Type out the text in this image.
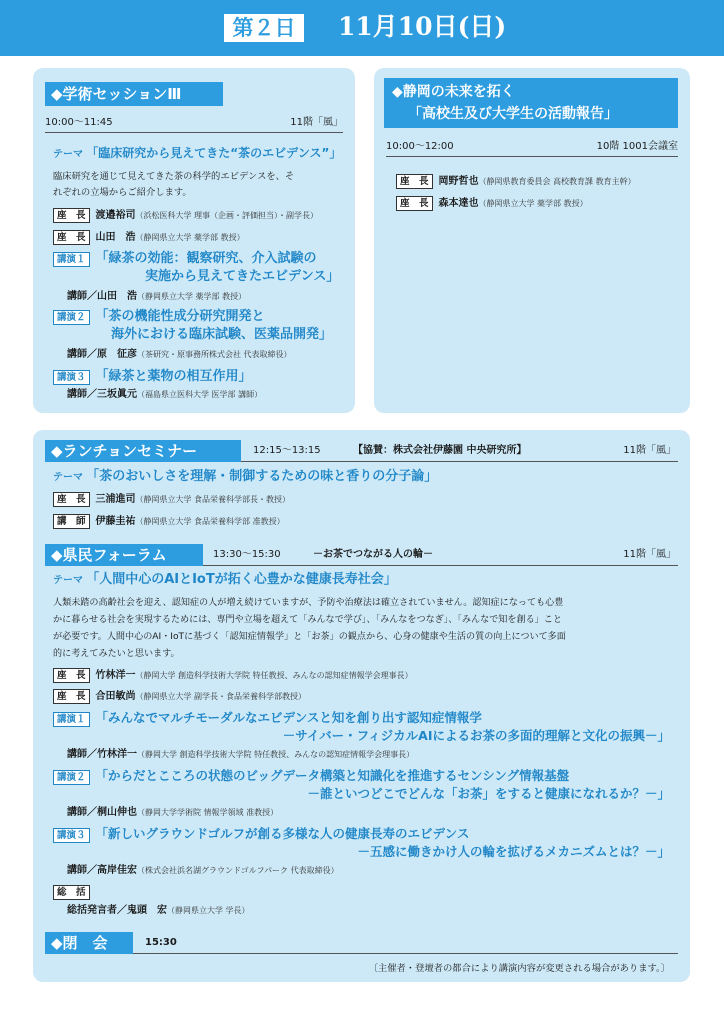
第２日	11月10日(日)
◆学術セッションⅢ
10:00～11:45	11階「風」
テーマ 「臨床研究から見えてきた“茶のエビデンス”」
臨床研究を通じて見えてきた茶の科学的エビデンスを、そ
れぞれの立場からご紹介します。
座　長 渡邉裕司（浜松医科大学 理事（企画・評価担当）・副学長）
座　長 山田　浩（静岡県立大学 薬学部 教授）
講演１ 「緑茶の効能：観察研究、介入試験の
実施から見えてきたエビデンス」
講師／山田　浩（静岡県立大学 薬学部 教授）
講演２ 「茶の機能性成分研究開発と
海外における臨床試験、医薬品開発」
講師／原　征彦（茶研究・原事務所株式会社 代表取締役）
講演３ 「緑茶と薬物の相互作用」
講師／三坂眞元（福島県立医科大学 医学部 講師）
◆静岡の未来を拓く
「高校生及び大学生の活動報告」
10:00～12:00	10階 1001会議室
座　長 岡野哲也（静岡県教育委員会 高校教育課 教育主幹）
座　長 森本達也（静岡県立大学 薬学部 教授）
◆ランチョンセミナー	12:15～13:15	【協賛：株式会社伊藤園 中央研究所】	11階「風」
テーマ 「茶のおいしさを理解・制御するための味と香りの分子論」
座　長 三浦進司（静岡県立大学 食品栄養科学部長・教授）
講　師 伊藤圭祐（静岡県立大学 食品栄養科学部 准教授）
◆県民フォーラム	13:30～15:30	－お茶でつながる人の輪－	11階「風」
テーマ 「人間中心のAIとIoTが拓く心豊かな健康長寿社会」
人類未踏の高齢社会を迎え、認知症の人が増え続けていますが、予防や治療法は確立されていません。認知症になっても心豊
かに暮らせる社会を実現するためには、専門や立場を超えて「みんなで学び」、「みんなをつなぎ」、「みんなで知を創る」こと
が必要です。人間中心のAI・IoTに基づく「認知症情報学」と「お茶」の観点から、心身の健康や生活の質の向上について多面
的に考えてみたいと思います。
座　長 竹林洋一（静岡大学 創造科学技術大学院 特任教授、みんなの認知症情報学会理事長）
座　長 合田敏尚（静岡県立大学 副学長・食品栄養科学部教授）
講演１ 「みんなでマルチモーダルなエビデンスと知を創り出す認知症情報学
－サイバー・フィジカルAIによるお茶の多面的理解と文化の振興－」
講師／竹林洋一（静岡大学 創造科学技術大学院 特任教授、みんなの認知症情報学会理事長）
講演２ 「からだとこころの状態のビッグデータ構築と知識化を推進するセンシング情報基盤
－誰といつどこでどんな「お茶」をすると健康になれるか？－」
講師／桐山伸也（静岡大学学術院 情報学領域 准教授）
講演３ 「新しいグラウンドゴルフが創る多様な人の健康長寿のエビデンス
－五感に働きかけ人の輪を拡げるメカニズムとは？－」
講師／高岸佳宏（株式会社浜名湖グラウンドゴルフパーク 代表取締役）
総　括
総括発言者／鬼頭　宏（静岡県立大学 学長）
◆閉　会	15:30
〔主催者・登壇者の都合により講演内容が変更される場合があります。〕
